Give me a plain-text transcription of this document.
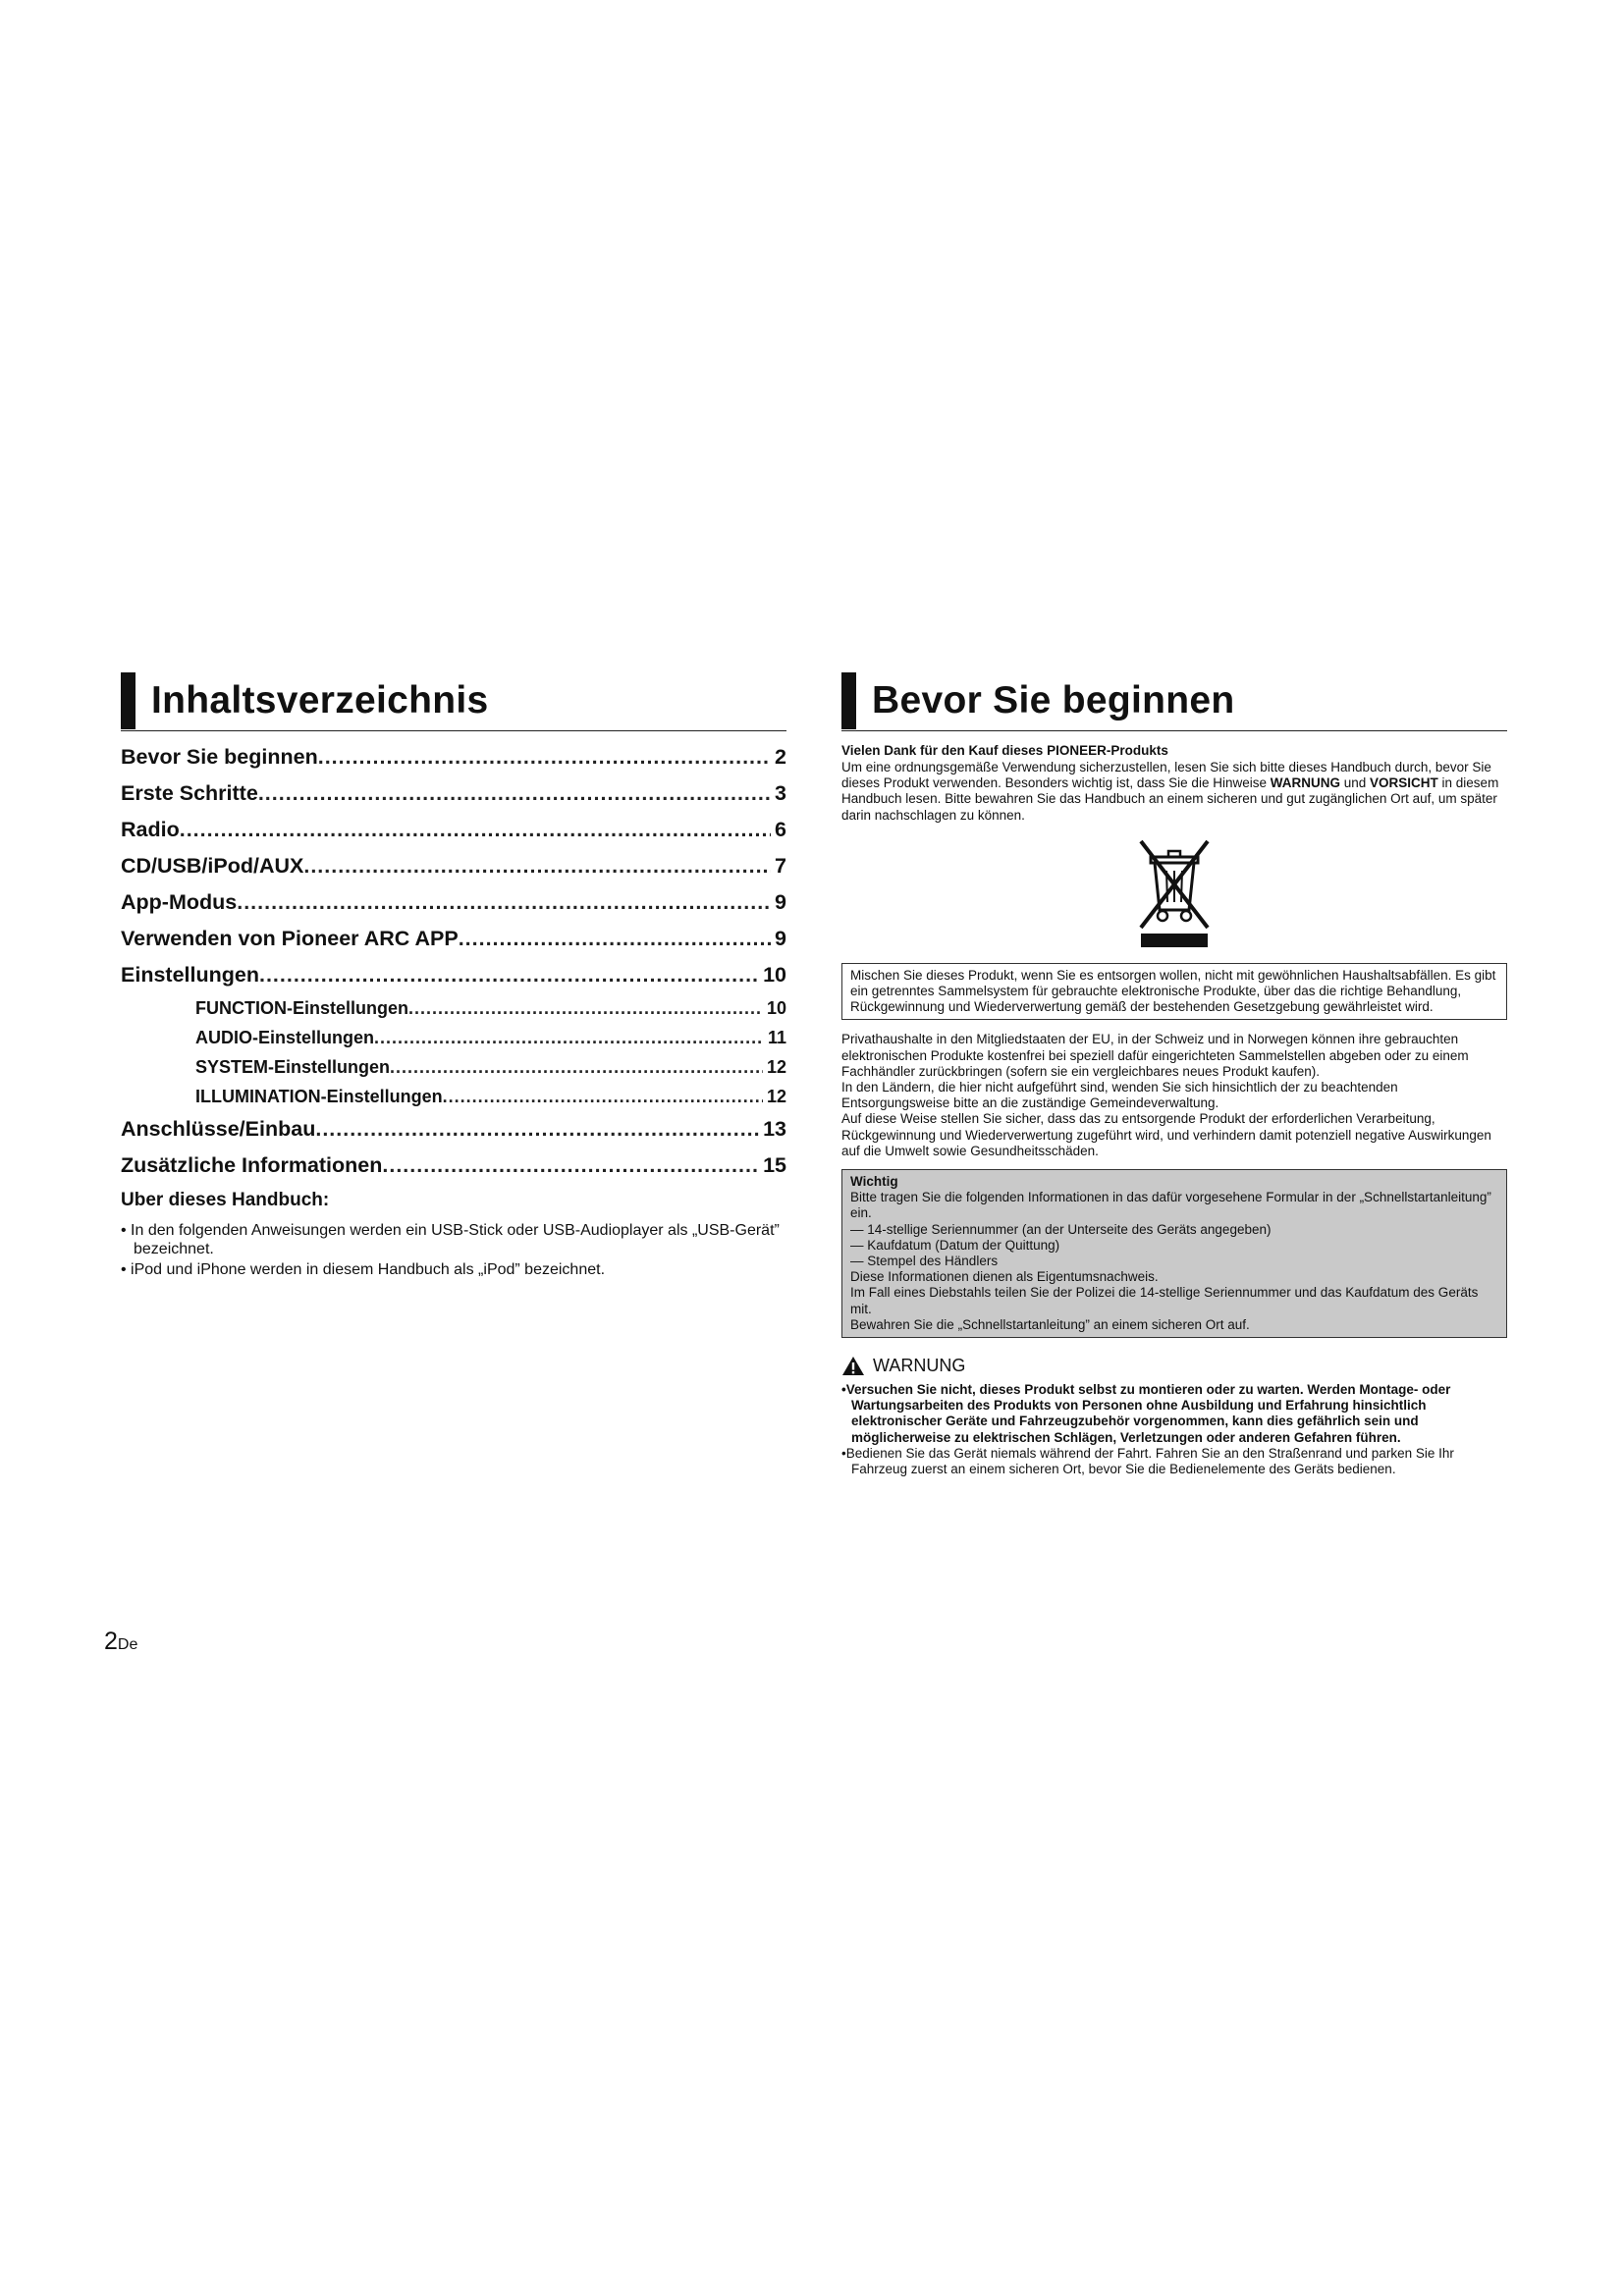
Inhaltsverzeichnis
Bevor Sie beginnen .....	2
Erste Schritte .....	3
Radio .....	6
CD/USB/iPod/AUX .....	7
App-Modus .....	9
Verwenden von Pioneer ARC APP .....	9
Einstellungen .....	10
FUNCTION-Einstellungen .....	10
AUDIO-Einstellungen .....	11
SYSTEM-Einstellungen .....	12
ILLUMINATION-Einstellungen .....	12
Anschlüsse/Einbau .....	13
Zusätzliche Informationen .....	15
Uber dieses Handbuch:
• In den folgenden Anweisungen werden ein USB-Stick oder USB-Audioplayer als „USB-Gerät” bezeichnet.
• iPod und iPhone werden in diesem Handbuch als „iPod” bezeichnet.
2De
Bevor Sie beginnen
Vielen Dank für den Kauf dieses PIONEER-Produkts

Um eine ordnungsgemäße Verwendung sicherzustellen, lesen Sie sich bitte dieses Handbuch durch, bevor Sie dieses Produkt verwenden. Besonders wichtig ist, dass Sie die Hinweise WARNUNG und VORSICHT in diesem Handbuch lesen. Bitte bewahren Sie das Handbuch an einem sicheren und gut zugänglichen Ort auf, um später darin nachschlagen zu können.

Mischen Sie dieses Produkt, wenn Sie es entsorgen wollen, nicht mit gewöhnlichen Haushaltsabfällen. Es gibt ein getrenntes Sammelsystem für gebrauchte elektronische Produkte, über das die richtige Behandlung, Rückgewinnung und Wiederverwertung gemäß der bestehenden Gesetzgebung gewährleistet wird.

Privathaushalte in den Mitgliedstaaten der EU, in der Schweiz und in Norwegen können ihre gebrauchten elektronischen Produkte kostenfrei bei speziell dafür eingerichteten Sammelstellen abgeben oder zu einem Fachhändler zurückbringen (sofern sie ein vergleichbares neues Produkt kaufen).

In den Ländern, die hier nicht aufgeführt sind, wenden Sie sich hinsichtlich der zu beachtenden Entsorgungsweise bitte an die zuständige Gemeindeverwaltung.

Auf diese Weise stellen Sie sicher, dass das zu entsorgende Produkt der erforderlichen Verarbeitung, Rückgewinnung und Wiederverwertung zugeführt wird, und verhindern damit potenziell negative Auswirkungen auf die Umwelt sowie Gesundheitsschäden.

Wichtig

Bitte tragen Sie die folgenden Informationen in das dafür vorgesehene Formular in der „Schnellstartanleitung” ein.

— 14-stellige Seriennummer (an der Unterseite des Geräts angegeben)

— Kaufdatum (Datum der Quittung)

— Stempel des Händlers

Diese Informationen dienen als Eigentumsnachweis.

Im Fall eines Diebstahls teilen Sie der Polizei die 14-stellige Seriennummer und das Kaufdatum des Geräts mit.

Bewahren Sie die „Schnellstartanleitung” an einem sicheren Ort auf.

WARNUNG
• Versuchen Sie nicht, dieses Produkt selbst zu montieren oder zu warten. Werden Montage- oder Wartungsarbeiten des Produkts von Personen ohne Ausbildung und Erfahrung hinsichtlich elektronischer Geräte und Fahrzeugzubehör vorgenommen, kann dies gefährlich sein und möglicherweise zu elektrischen Schlägen, Verletzungen oder anderen Gefahren führen.
• Bedienen Sie das Gerät niemals während der Fahrt. Fahren Sie an den Straßenrand und parken Sie Ihr Fahrzeug zuerst an einem sicheren Ort, bevor Sie die Bedienelemente des Geräts bedienen.
